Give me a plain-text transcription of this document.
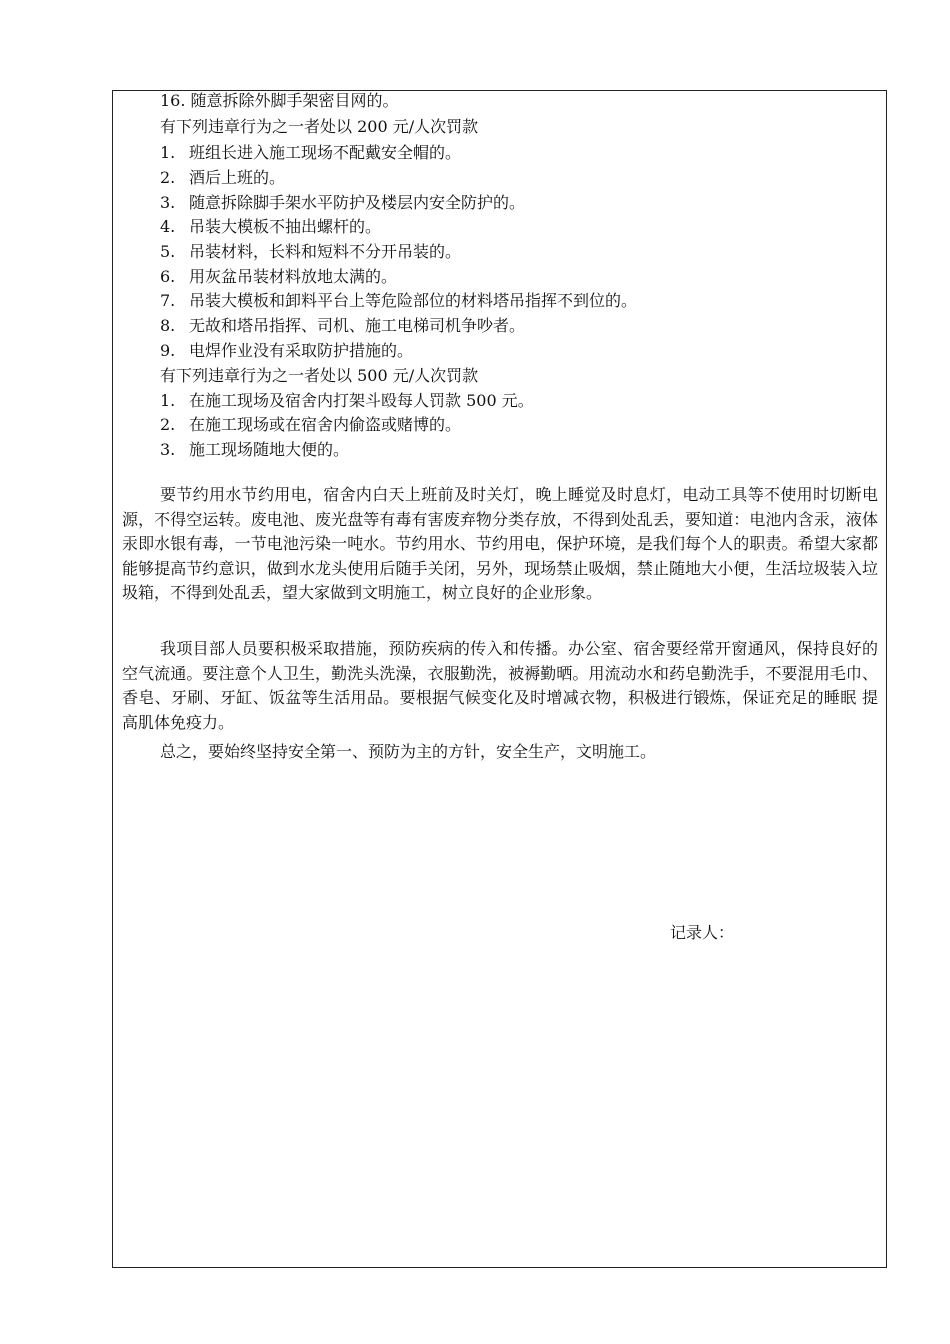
16. 随意拆除外脚手架密目网的。
有下列违章行为之一者处以 200 元/人次罚款
1. 班组长进入施工现场不配戴安全帽的。
2. 酒后上班的。
3. 随意拆除脚手架水平防护及楼层内安全防护的。
4. 吊装大模板不抽出螺杆的。
5. 吊装材料，长料和短料不分开吊装的。
6. 用灰盆吊装材料放地太满的。
7. 吊装大模板和卸料平台上等危险部位的材料塔吊指挥不到位的。
8. 无故和塔吊指挥、司机、施工电梯司机争吵者。
9. 电焊作业没有采取防护措施的。
有下列违章行为之一者处以 500 元/人次罚款
1. 在施工现场及宿舍内打架斗殴每人罚款 500 元。
2. 在施工现场或在宿舍内偷盗或赌博的。
3. 施工现场随地大便的。

要节约用水节约用电，宿舍内白天上班前及时关灯，晚上睡觉及时息灯，电动工具等不使用时切断电源，不得空运转。废电池、废光盘等有毒有害废弃物分类存放，不得到处乱丢，要知道：电池内含汞，液体汞即水银有毒，一节电池污染一吨水。节约用水、节约用电，保护环境，是我们每个人的职责。希望大家都能够提高节约意识，做到水龙头使用后随手关闭，另外，现场禁止吸烟，禁止随地大小便，生活垃圾装入垃圾箱，不得到处乱丢，望大家做到文明施工，树立良好的企业形象。

我项目部人员要积极采取措施，预防疾病的传入和传播。办公室、宿舍要经常开窗通风，保持良好的空气流通。要注意个人卫生，勤洗头洗澡，衣服勤洗，被褥勤晒。用流动水和药皂勤洗手，不要混用毛巾、香皂、牙刷、牙缸、饭盆等生活用品。要根据气候变化及时增减衣物，积极进行锻炼，保证充足的睡眠 提高肌体免疫力。

总之，要始终坚持安全第一、预防为主的方针，安全生产，文明施工。

记录人：
